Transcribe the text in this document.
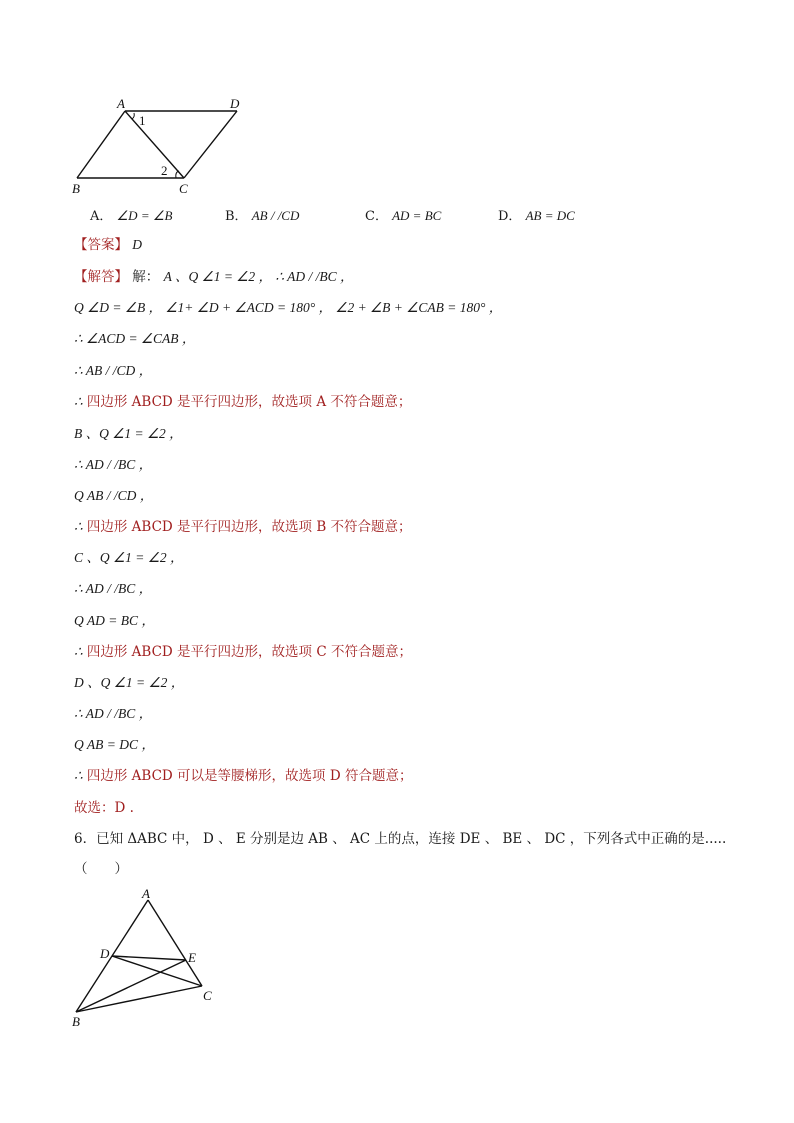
A	D
B	C
1
2
A． ∠D = ∠B	B． AB / /CD	C． AD = BC	D． AB = DC
【答案】 D
【解答】 解： A 、Q ∠1 = ∠2 ， ∴ AD / /BC ，
Q ∠D = ∠B ， ∠1+ ∠D + ∠ACD = 180° ， ∠2 + ∠B + ∠CAB = 180° ，
∴ ∠ACD = ∠CAB ，
∴ AB / /CD ，
∴ 四边形 ABCD 是平行四边形，故选项 A 不符合题意；
B 、Q ∠1 = ∠2 ，
∴ AD / /BC ，
Q AB / /CD ，
∴ 四边形 ABCD 是平行四边形，故选项 B 不符合题意；
C 、Q ∠1 = ∠2 ，
∴ AD / /BC ，
Q AD = BC ，
∴ 四边形 ABCD 是平行四边形，故选项 C 不符合题意；
D 、Q ∠1 = ∠2 ，
∴ AD / /BC ，
Q AB = DC ，
∴ 四边形 ABCD 可以是等腰梯形，故选项 D 符合题意；
故选：D .
6．已知 ΔABC 中， D 、 E 分别是边 AB 、 AC 上的点，连接 DE 、 BE 、 DC ，下列各式中正确的是.....
（　　）
A
D	E
B
C
